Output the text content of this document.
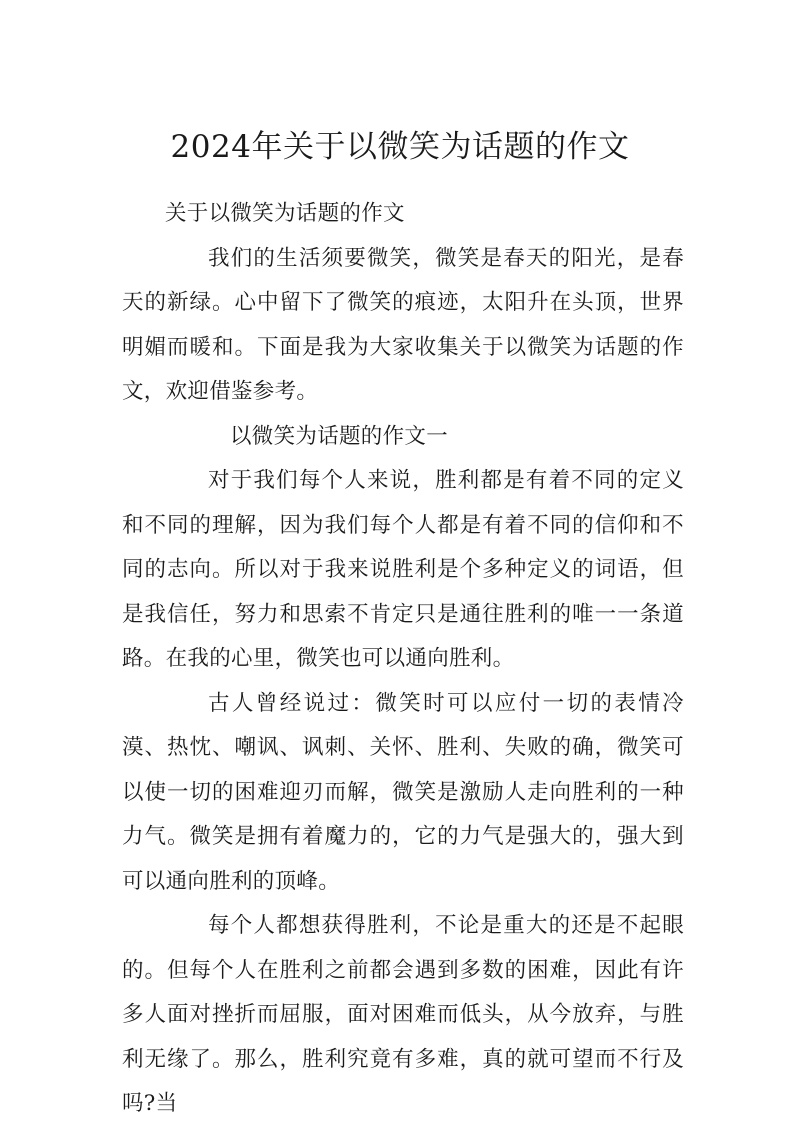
2024年关于以微笑为话题的作文

关于以微笑为话题的作文

我们的生活须要微笑，微笑是春天的阳光，是春天的新绿。心中留下了微笑的痕迹，太阳升在头顶，世界明媚而暖和。下面是我为大家收集关于以微笑为话题的作文，欢迎借鉴参考。

以微笑为话题的作文一

对于我们每个人来说，胜利都是有着不同的定义和不同的理解，因为我们每个人都是有着不同的信仰和不同的志向。所以对于我来说胜利是个多种定义的词语，但是我信任，努力和思索不肯定只是通往胜利的唯一一条道路。在我的心里，微笑也可以通向胜利。

古人曾经说过：微笑时可以应付一切的表情冷漠、热忱、嘲讽、讽刺、关怀、胜利、失败的确，微笑可以使一切的困难迎刃而解，微笑是激励人走向胜利的一种力气。微笑是拥有着魔力的，它的力气是强大的，强大到可以通向胜利的顶峰。

每个人都想获得胜利，不论是重大的还是不起眼的。但每个人在胜利之前都会遇到多数的困难，因此有许多人面对挫折而屈服，面对困难而低头，从今放弃，与胜利无缘了。那么，胜利究竟有多难，真的就可望而不行及吗?当
